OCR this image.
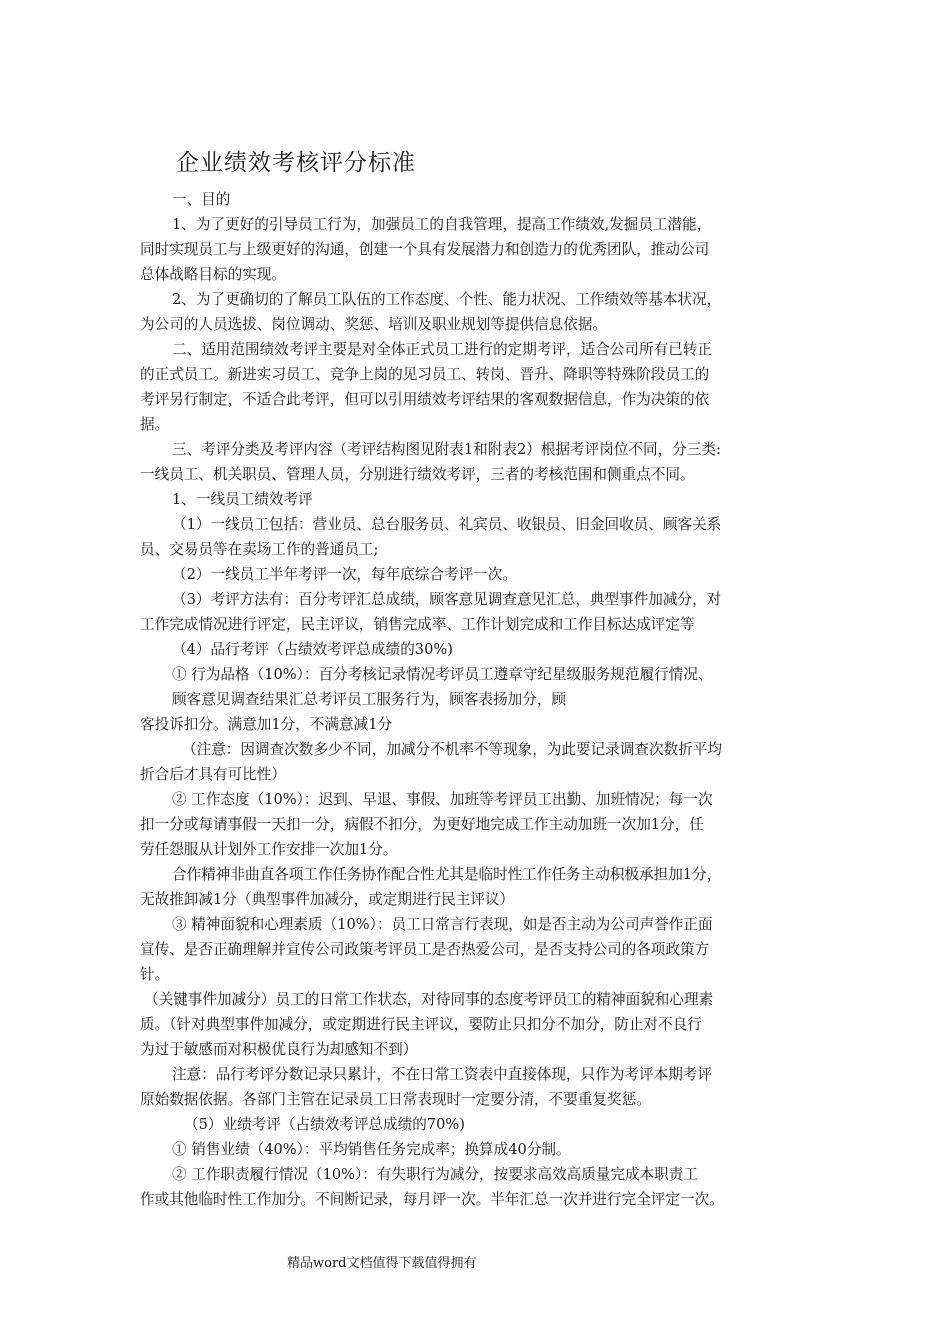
企业绩效考核评分标准
一、目的
1、为了更好的引导员工行为，加强员工的自我管理，提高工作绩效,发掘员工潜能，
同时实现员工与上级更好的沟通，创建一个具有发展潜力和创造力的优秀团队，推动公司
总体战略目标的实现。
2、为了更确切的了解员工队伍的工作态度、个性、能力状况、工作绩效等基本状况，
为公司的人员选拔、岗位调动、奖惩、培训及职业规划等提供信息依据。
二、适用范围绩效考评主要是对全体正式员工进行的定期考评，适合公司所有已转正
的正式员工。新进实习员工、竞争上岗的见习员工、转岗、晋升、降职等特殊阶段员工的
考评另行制定，不适合此考评，但可以引用绩效考评结果的客观数据信息，作为决策的依
据。
三、考评分类及考评内容（考评结构图见附表1和附表2）根据考评岗位不同，分三类:
一线员工、机关职员、管理人员，分别进行绩效考评，三者的考核范围和侧重点不同。
1、一线员工绩效考评
（1）一线员工包括：营业员、总台服务员、礼宾员、收银员、旧金回收员、顾客关系
员、交易员等在卖场工作的普通员工;
（2）一线员工半年考评一次，每年底综合考评一次。
（3）考评方法有：百分考评汇总成绩，顾客意见调查意见汇总，典型事件加减分，对
工作完成情况进行评定，民主评议，销售完成率、工作计划完成和工作目标达成评定等
（4）品行考评（占绩效考评总成绩的30%)
① 行为品格（10%）：百分考核记录情况考评员工遵章守纪星级服务规范履行情况、
顾客意见调查结果汇总考评员工服务行为，顾客表扬加分，顾
客投诉扣分。满意加1分，不满意减1分
（注意：因调查次数多少不同，加减分不机率不等现象，为此要记录调查次数折平均
折合后才具有可比性）
② 工作态度（10%）：迟到、早退、事假、加班等考评员工出勤、加班情况；每一次
扣一分或每请事假一天扣一分，病假不扣分，为更好地完成工作主动加班一次加1分，任
劳任怨服从计划外工作安排一次加1分。
合作精神非曲直各项工作任务协作配合性尤其是临时性工作任务主动积极承担加1分，
无故推卸减1分（典型事件加减分，或定期进行民主评议）
③ 精神面貌和心理素质（10%）：员工日常言行表现，如是否主动为公司声誉作正面
宣传、是否正确理解并宣传公司政策考评员工是否热爱公司，是否支持公司的各项政策方
针。
（关键事件加减分）员工的日常工作状态，对待同事的态度考评员工的精神面貌和心理素
质。（针对典型事件加减分，或定期进行民主评议，要防止只扣分不加分，防止对不良行
为过于敏感而对积极优良行为却感知不到）
注意：品行考评分数记录只累计，不在日常工资表中直接体现，只作为考评本期考评
原始数据依据。各部门主管在记录员工日常表现时一定要分清，不要重复奖惩。
（5）业绩考评（占绩效考评总成绩的70%)
① 销售业绩（40%）：平均销售任务完成率；换算成40分制。
② 工作职责履行情况（10%）：有失职行为减分，按要求高效高质量完成本职责工
作或其他临时性工作加分。不间断记录，每月评一次。半年汇总一次并进行完全评定一次。
精品word文档值得下载值得拥有
